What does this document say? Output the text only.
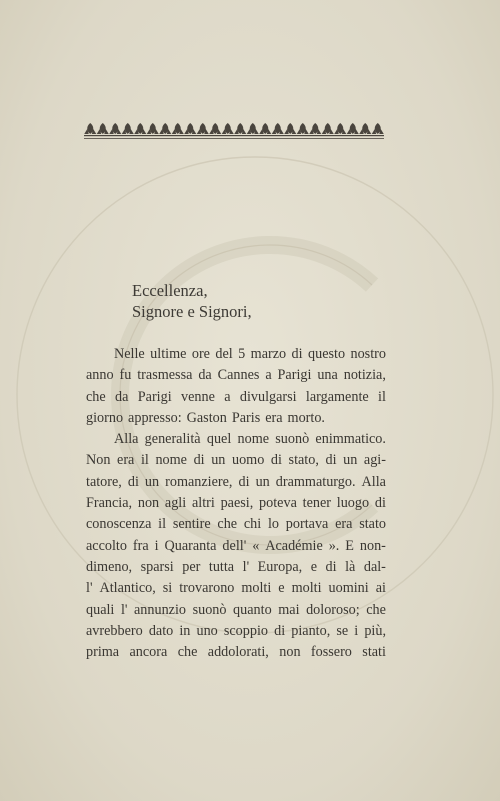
Eccellenza,
Signore e Signori,
Nelle ultime ore del 5 marzo di questo nostro
anno fu trasmessa da Cannes a Parigi una notizia,
che da Parigi venne a divulgarsi largamente il
giorno appresso: Gaston Paris era morto.
Alla generalità quel nome suonò enimmatico.
Non era il nome di un uomo di stato, di un agi-
tatore, di un romanziere, di un drammaturgo. Alla
Francia, non agli altri paesi, poteva tener luogo di
conoscenza il sentire che chi lo portava era stato
accolto fra i Quaranta dell' « Académie ». E non-
dimeno, sparsi per tutta l' Europa, e di là dal-
l' Atlantico, si trovarono molti e molti uomini ai
quali l' annunzio suonò quanto mai doloroso; che
avrebbero dato in uno scoppio di pianto, se i più,
prima ancora che addolorati, non fossero stati
